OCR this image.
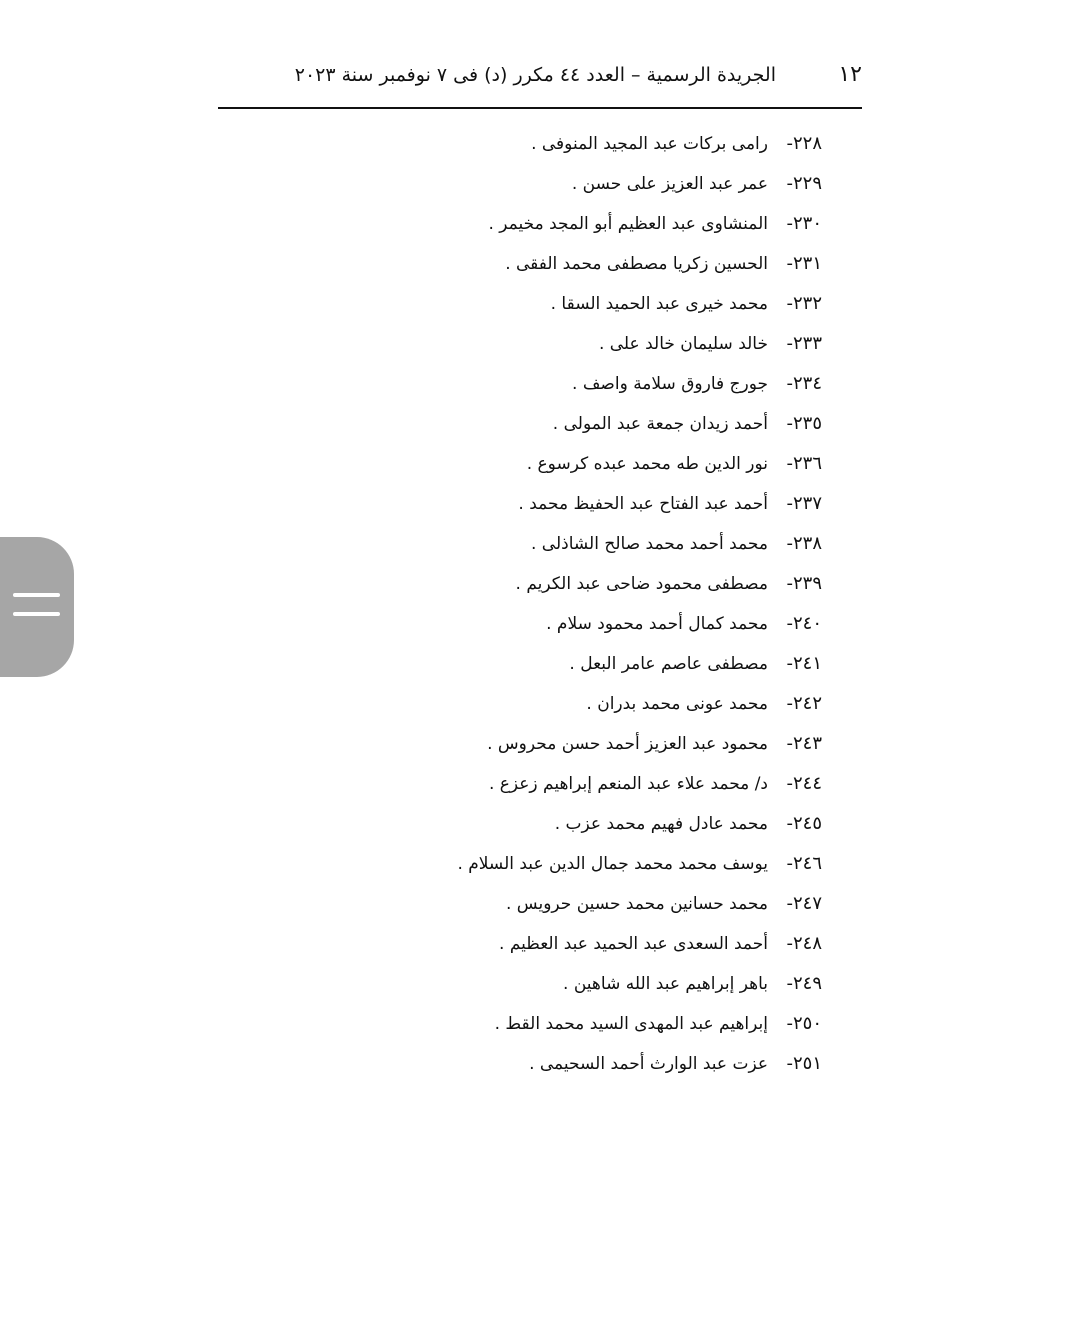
١٢
الجريدة الرسمية – العدد ٤٤ مكرر (د) فى ٧ نوفمبر سنة ٢٠٢٣
٢٢٨-
رامى بركات عبد المجيد المنوفى .
٢٢٩-
عمر عبد العزيز على حسن .
٢٣٠-
المنشاوى عبد العظيم أبو المجد مخيمر .
٢٣١-
الحسين زكريا مصطفى محمد الفقى .
٢٣٢-
محمد خيرى عبد الحميد السقا .
٢٣٣-
خالد سليمان خالد على .
٢٣٤-
جورج فاروق سلامة واصف .
٢٣٥-
أحمد زيدان جمعة عبد المولى .
٢٣٦-
نور الدين طه محمد عبده كرسوع .
٢٣٧-
أحمد عبد الفتاح عبد الحفيظ محمد .
٢٣٨-
محمد أحمد محمد صالح الشاذلى .
٢٣٩-
مصطفى محمود ضاحى عبد الكريم .
٢٤٠-
محمد كمال أحمد محمود سلام .
٢٤١-
مصطفى عاصم عامر البعل .
٢٤٢-
محمد عونى محمد بدران .
٢٤٣-
محمود عبد العزيز أحمد حسن محروس .
٢٤٤-
د/ محمد علاء عبد المنعم إبراهيم زعزع .
٢٤٥-
محمد عادل فهيم محمد عزب .
٢٤٦-
يوسف محمد محمد جمال الدين عبد السلام .
٢٤٧-
محمد حسانين محمد حسين حرويس .
٢٤٨-
أحمد السعدى عبد الحميد عبد العظيم .
٢٤٩-
باهر إبراهيم عبد الله شاهين .
٢٥٠-
إبراهيم عبد المهدى السيد محمد القط .
٢٥١-
عزت عبد الوارث أحمد السحيمى .
